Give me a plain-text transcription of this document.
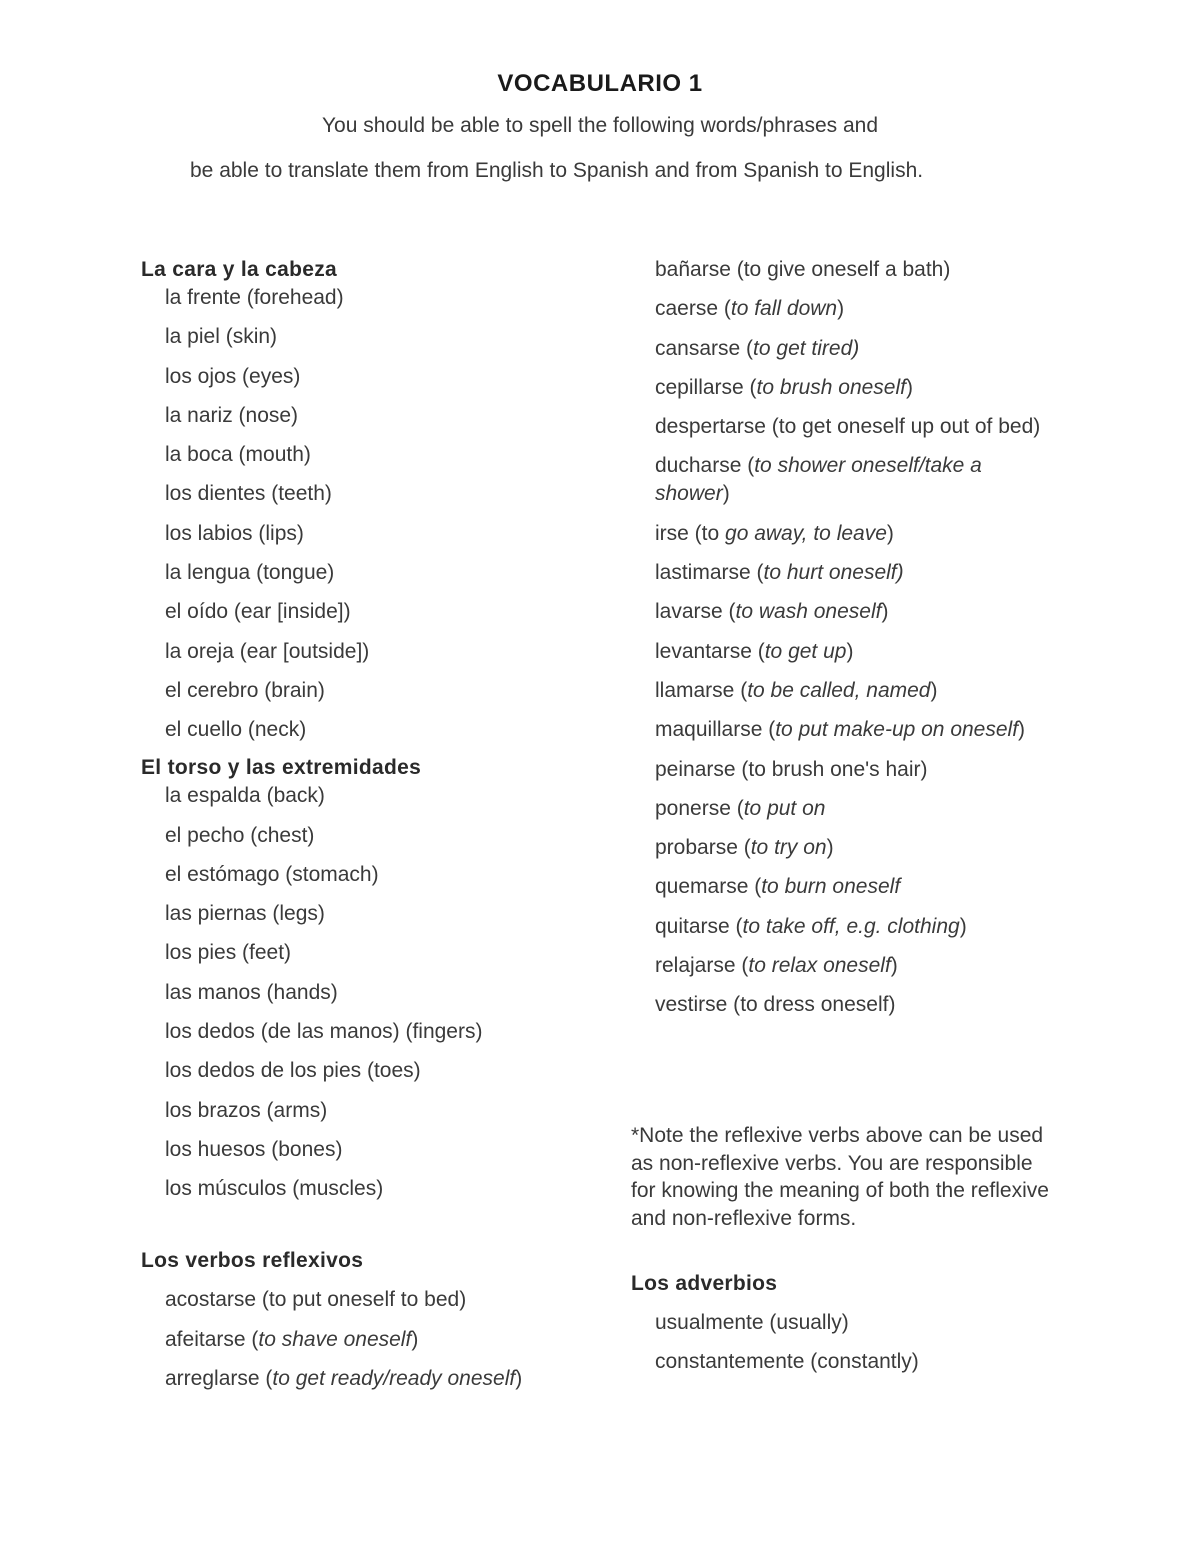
VOCABULARIO 1
You should be able to spell the following words/phrases and
be able to translate them from English to Spanish and from Spanish to English.
La cara y la cabeza
la frente (forehead)
la piel (skin)
los ojos (eyes)
la nariz (nose)
la boca (mouth)
los dientes (teeth)
los labios (lips)
la lengua (tongue)
el oído (ear [inside])
la oreja (ear [outside])
el cerebro (brain)
el cuello (neck)
El torso y las extremidades
la espalda (back)
el pecho (chest)
el estómago (stomach)
las piernas (legs)
los pies (feet)
las manos (hands)
los dedos (de las manos) (fingers)
los dedos de los pies (toes)
los brazos (arms)
los huesos (bones)
los músculos (muscles)
Los verbos reflexivos
acostarse (to put oneself to bed)
afeitarse (to shave oneself)
arreglarse (to get ready/ready oneself)
bañarse (to give oneself a bath)
caerse (to fall down)
cansarse (to get tired)
cepillarse (to brush oneself)
despertarse (to get oneself up out of bed)
ducharse (to shower oneself/take a shower)
irse (to go away, to leave)
lastimarse (to hurt oneself)
lavarse (to wash oneself)
levantarse (to get up)
llamarse (to be called, named)
maquillarse (to put make-up on oneself)
peinarse (to brush one's hair)
ponerse (to put on
probarse (to try on)
quemarse (to burn oneself
quitarse (to take off, e.g. clothing)
relajarse (to relax oneself)
vestirse (to dress oneself)
*Note the reflexive verbs above can be used as non-reflexive verbs. You are responsible for knowing the meaning of both the reflexive and non-reflexive forms.
Los adverbios
usualmente (usually)
constantemente (constantly)
